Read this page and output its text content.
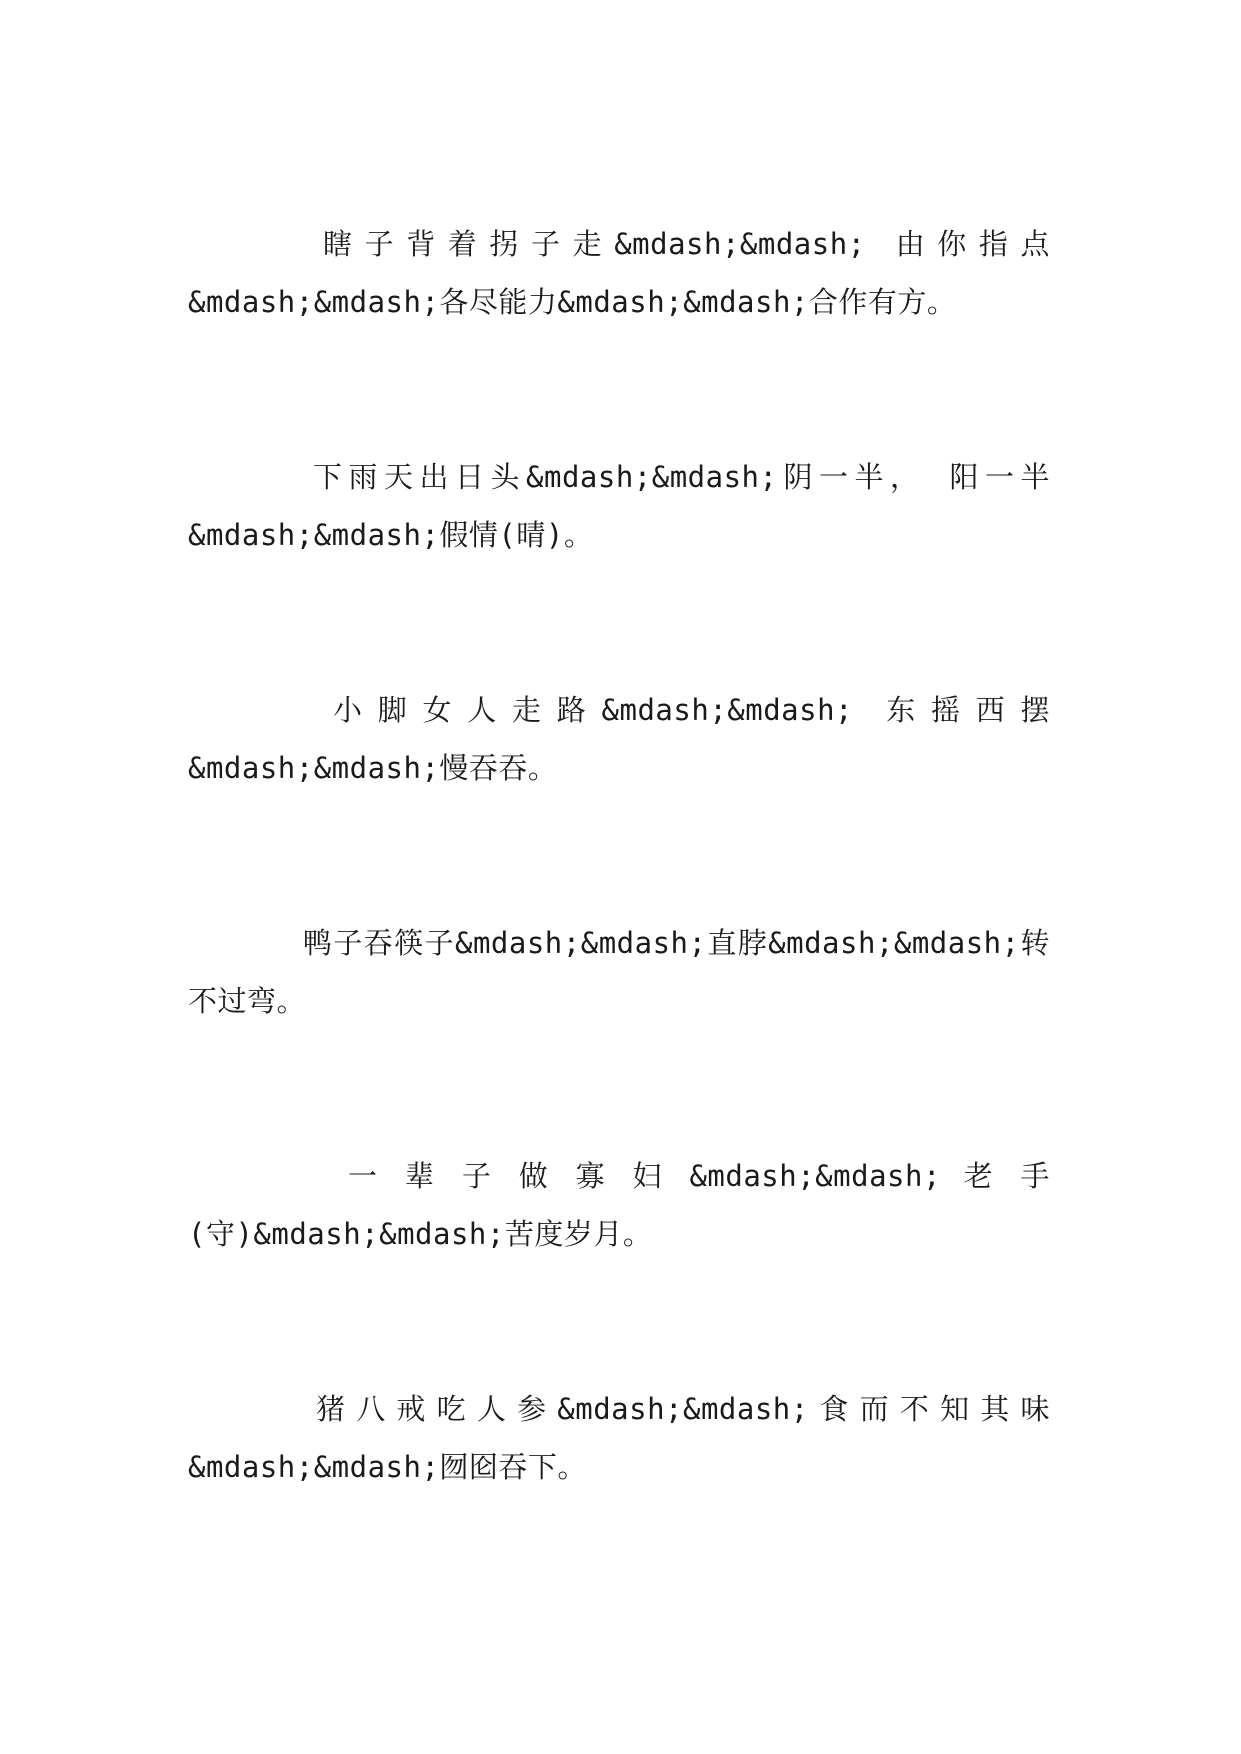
瞎子背着拐子走&mdash;&mdash; 由你指点
&mdash;&mdash;各尽能力&mdash;&mdash;合作有方。

下雨天出日头&mdash;&mdash;阴一半， 阳一半
&mdash;&mdash;假情(晴)。

小脚女人走路&mdash;&mdash; 东摇西摆
&mdash;&mdash;慢吞吞。

鸭子吞筷子&mdash;&mdash;直脖&mdash;&mdash;转
不过弯。

一 辈 子 做 寡 妇 &mdash;&mdash; 老 手
(守)&mdash;&mdash;苦度岁月。

猪八戒吃人参&mdash;&mdash;食而不知其味
&mdash;&mdash;囫囵吞下。
